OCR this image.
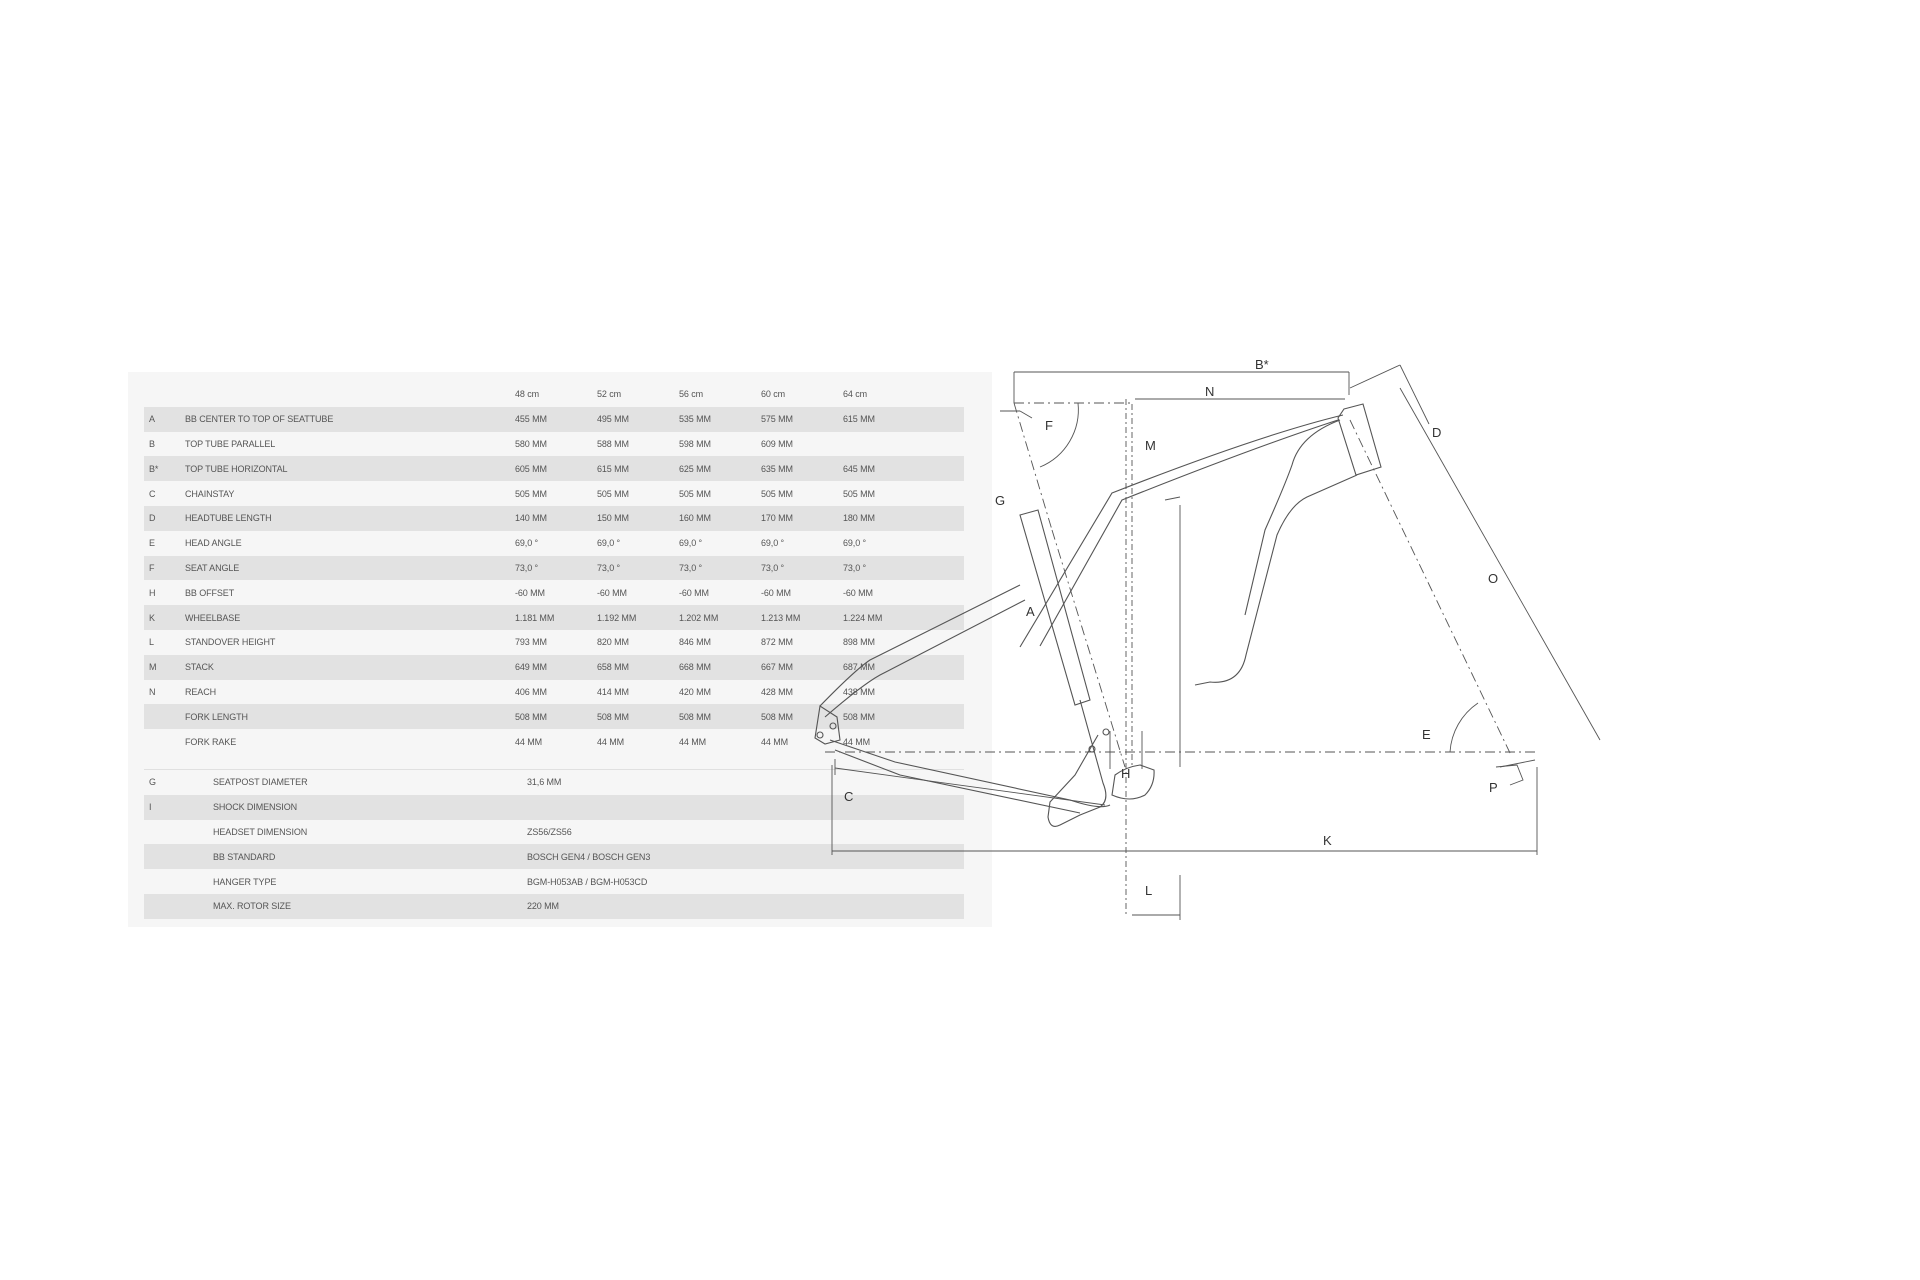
		48 cm	52 cm	56 cm	60 cm	64 cm	
A	BB CENTER TO TOP OF SEATTUBE	455 MM	495 MM	535 MM	575 MM	615 MM	
B	TOP TUBE PARALLEL	580 MM	588 MM	598 MM	609 MM		
B*	TOP TUBE HORIZONTAL	605 MM	615 MM	625 MM	635 MM	645 MM	
C	CHAINSTAY	505 MM	505 MM	505 MM	505 MM	505 MM	
D	HEADTUBE LENGTH	140 MM	150 MM	160 MM	170 MM	180 MM	
E	HEAD ANGLE	69,0 °	69,0 °	69,0 °	69,0 °	69,0 °	
F	SEAT ANGLE	73,0 °	73,0 °	73,0 °	73,0 °	73,0 °	
H	BB OFFSET	-60 MM	-60 MM	-60 MM	-60 MM	-60 MM	
K	WHEELBASE	1.181 MM	1.192 MM	1.202 MM	1.213 MM	1.224 MM	
L	STANDOVER HEIGHT	793 MM	820 MM	846 MM	872 MM	898 MM	
M	STACK	649 MM	658 MM	668 MM	667 MM	687 MM	
N	REACH	406 MM	414 MM	420 MM	428 MM	438 MM	
	FORK LENGTH	508 MM	508 MM	508 MM	508 MM	508 MM	
	FORK RAKE	44 MM	44 MM	44 MM	44 MM	44 MM	
G	SEATPOST DIAMETER	31,6 MM
I	SHOCK DIMENSION	
	HEADSET DIMENSION	ZS56/ZS56
	BB STANDARD	BOSCH GEN4 / BOSCH GEN3
	HANGER TYPE	BGM-H053AB / BGM-H053CD
	MAX. ROTOR SIZE	220 MM
B*
N
M
F
G
D
O
A
E
H
C
P
K
L
